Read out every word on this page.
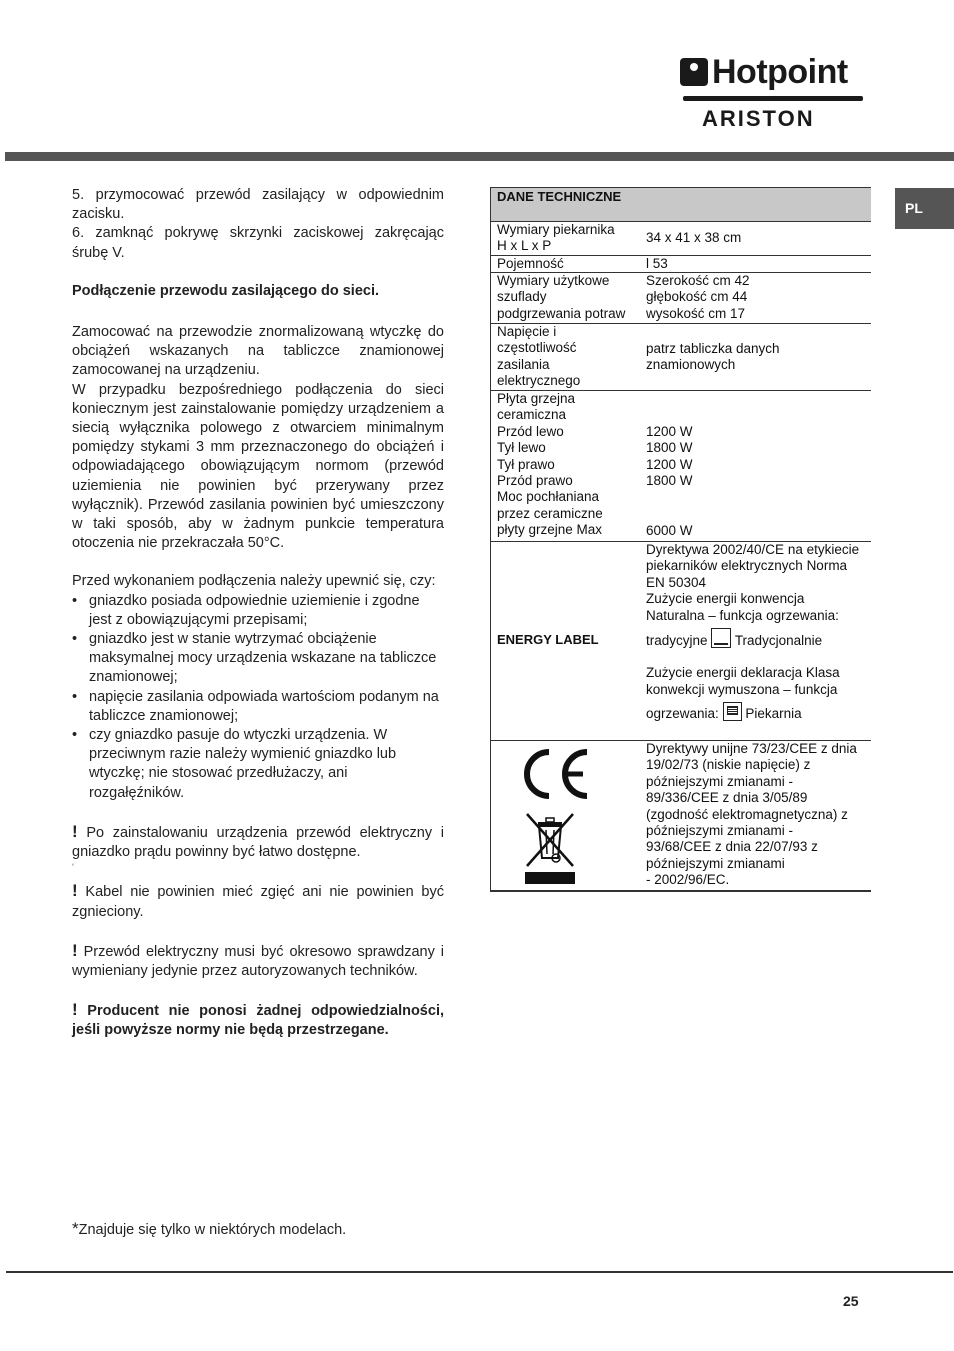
Hotpoint
ARISTON
PL

5. przymocować przewód zasilający w odpowiednim zacisku.

6. zamknąć pokrywę skrzynki zaciskowej zakręcając śrubę V.

Podłączenie przewodu zasilającego do sieci.

Zamocować na przewodzie znormalizowaną wtyczkę do obciążeń wskazanych na tabliczce znamionowej zamocowanej na urządzeniu.

W przypadku bezpośredniego podłączenia do sieci koniecznym jest zainstalowanie pomiędzy urządzeniem a siecią wyłącznika polowego z otwarciem minimalnym pomiędzy stykami 3 mm przeznaczonego do obciążeń i odpowiadającego obowiązującym normom (przewód uziemienia nie powinien być przerywany przez wyłącznik). Przewód zasilania powinien być umieszczony w taki sposób, aby w żadnym punkcie temperatura otoczenia nie przekraczała 50°C.

Przed wykonaniem podłączenia należy upewnić się, czy:

• gniazdko posiada odpowiednie uziemienie i zgodne jest z obowiązującymi przepisami;
• gniazdko jest w stanie wytrzymać obciążenie maksymalnej mocy urządzenia wskazane na tabliczce znamionowej;
• napięcie zasilania odpowiada wartościom podanym na tabliczce znamionowej;
• czy gniazdko pasuje do wtyczki urządzenia. W przeciwnym razie należy wymienić gniazdko lub wtyczkę; nie stosować przedłużaczy, ani rozgałęźników.

! Po zainstalowaniu urządzenia przewód elektryczny i gniazdko prądu powinny być łatwo dostępne.

‘

! Kabel nie powinien mieć zgięć ani nie powinien być zgnieciony.

! Przewód elektryczny musi być okresowo sprawdzany i wymieniany jedynie przez autoryzowanych techników.

! Producent nie ponosi żadnej odpowiedzialności, jeśli powyższe normy nie będą przestrzegane.

*Znajduje się tylko w niektórych modelach.
25
DANE TECHNICZNE
Wymiary piekarnika
H x L x P
34 x 41 x 38 cm
Pojemność	l 53
Wymiary użytkowe
szuflady
podgrzewania potraw
Szerokość cm 42
głębokość cm 44
wysokość cm 17
Napięcie i
częstotliwość
zasilania
elektrycznego
patrz tabliczka danych
znamionowych
Płyta grzejna
ceramiczna
Przód lewo
Tył lewo
Tył prawo
Przód prawo
Moc pochłaniana
przez ceramiczne
płyty grzejne Max
1200 W
1800 W
1200 W
1800 W
6000 W
ENERGY LABEL
Dyrektywa 2002/40/CE na etykiecie
piekarników elektrycznych Norma
EN 50304
Zużycie energii konwencja
Naturalna – funkcja ogrzewania:
tradycyjne Tradycjonalnie
Zużycie energii deklaracja Klasa
konwekcji wymuszona – funkcja
ogrzewania: Piekarnia
Dyrektywy unijne 73/23/CEE z dnia
19/02/73 (niskie napięcie) z
późniejszymi zmianami -
89/336/CEE z dnia 3/05/89
(zgodność elektromagnetyczna) z
późniejszymi zmianami -
93/68/CEE z dnia 22/07/93 z
późniejszymi zmianami
- 2002/96/EC.
